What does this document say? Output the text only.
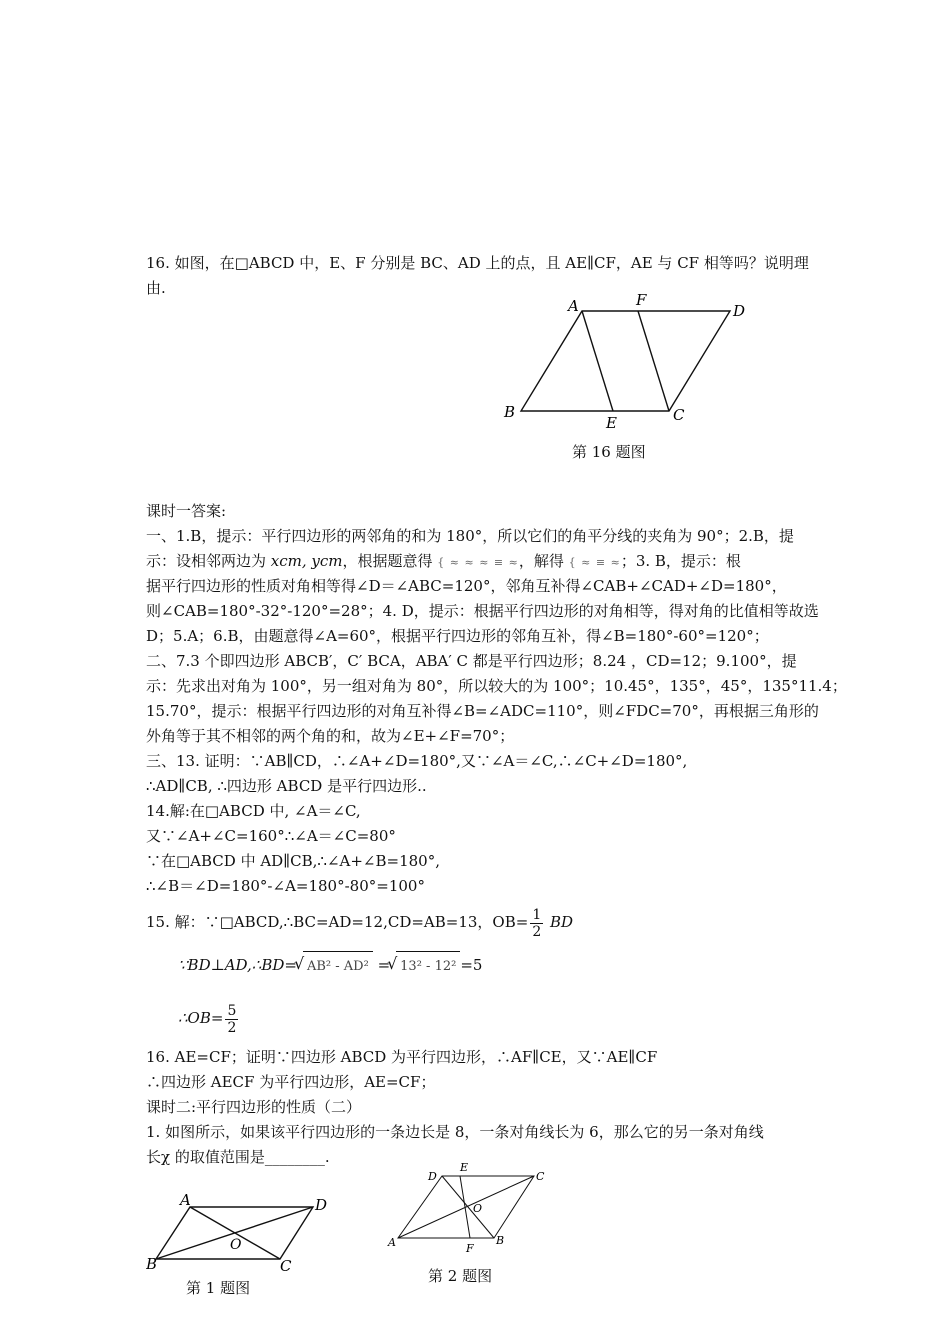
16. 如图，在□ABCD 中，E、F 分别是 BC、AD 上的点，且 AE∥CF，AE 与 CF 相等吗？说明理
由.
A	F
D
B
E	C
第 16 题图
课时一答案:
一、1.B，提示：平行四边形的两邻角的和为 180°，所以它们的角平分线的夹角为 90°；2.B，提
示：设相邻两边为 xcm, ycm，根据题意得 { ≈ ≈ ≈ ≡ ≈，解得 { ≈ ≡ ≈；3. B，提示：根
据平行四边形的性质对角相等得∠D＝∠ABC=120°，邻角互补得∠CAB+∠CAD+∠D=180°，
则∠CAB=180°-32°-120°=28°；4. D，提示：根据平行四边形的对角相等，得对角的比值相等故选
D；5.A；6.B，由题意得∠A=60°，根据平行四边形的邻角互补，得∠B=180°-60°=120°；
二、7.3 个即四边形 ABCB′，C′ BCA，ABA′ C 都是平行四边形；8.24 ，CD=12；9.100°，提
示：先求出对角为 100°，另一组对角为 80°，所以较大的为 100°；10.45°，135°，45°，135°11.4；
15.70°，提示：根据平行四边形的对角互补得∠B=∠ADC=110°，则∠FDC=70°，再根据三角形的
外角等于其不相邻的两个角的和，故为∠E+∠F=70°；
三、13. 证明：∵AB∥CD，∴∠A+∠D=180°,又∵∠A＝∠C,∴∠C+∠D=180°,
∴AD∥CB, ∴四边形 ABCD 是平行四边形..
14.解:在□ABCD 中, ∠A＝∠C,
又∵∠A+∠C=160°∴∠A＝∠C=80°
∵在□ABCD 中 AD∥CB,∴∠A+∠B=180°,
∴∠B＝∠D=180°-∠A=180°-80°=100°
15. 解：∵□ABCD,∴BC=AD=12,CD=AB=13，$OB= \frac{1}{2}$ BD
∵BD⊥AD,∴BD= √ AB² - AD² = √ 13² - 12² =5
∴OB= $\frac{5}{2}$
16. AE=CF；证明∵四边形 ABCD 为平行四边形，∴AF∥CE，又∵AE∥CF
∴四边形 AECF 为平行四边形，AE=CF；
课时二:平行四边形的性质（二）
1. 如图所示，如果该平行四边形的一条边长是 8，一条对角线长为 6，那么它的另一条对角线
长χ 的取值范围是________.
A	D
B	C
O
第 1 题图
D
E
C
A	F
B
O
第 2 题图
